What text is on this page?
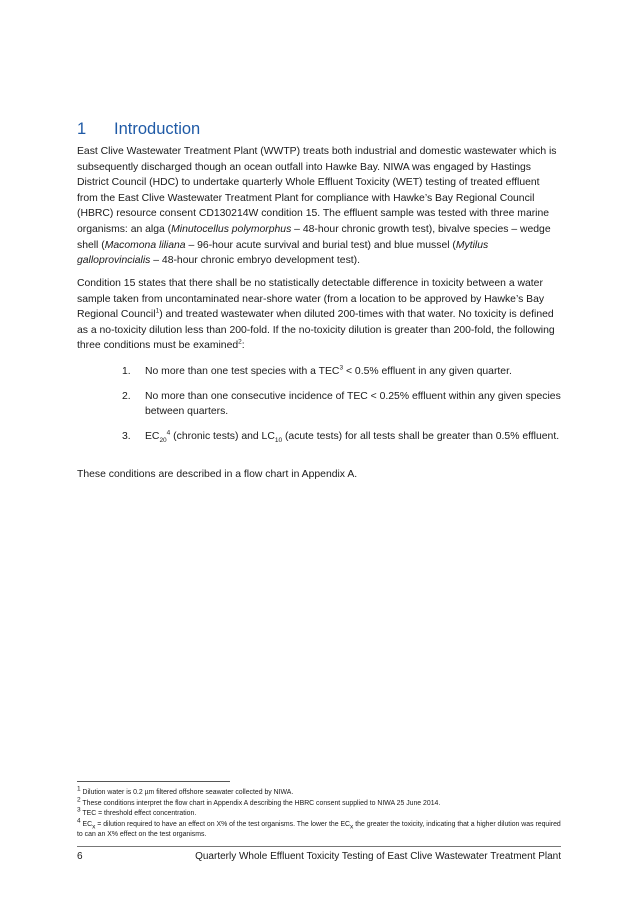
1 Introduction

East Clive Wastewater Treatment Plant (WWTP) treats both industrial and domestic wastewater which is subsequently discharged though an ocean outfall into Hawke Bay. NIWA was engaged by Hastings District Council (HDC) to undertake quarterly Whole Effluent Toxicity (WET) testing of treated effluent from the East Clive Wastewater Treatment Plant for compliance with Hawke’s Bay Regional Council (HBRC) resource consent CD130214W condition 15. The effluent sample was tested with three marine organisms: an alga (Minutocellus polymorphus – 48-hour chronic growth test), bivalve species – wedge shell (Macomona liliana – 96-hour acute survival and burial test) and blue mussel (Mytilus galloprovincialis – 48-hour chronic embryo development test).

Condition 15 states that there shall be no statistically detectable difference in toxicity between a water sample taken from uncontaminated near-shore water (from a location to be approved by Hawke’s Bay Regional Council$^1$) and treated wastewater when diluted 200-times with that water. No toxicity is defined as a no-toxicity dilution less than 200-fold. If the no-toxicity dilution is greater than 200-fold, the following three conditions must be examined$^2$:

1. No more than one test species with a $TEC^3 < 0.5\%$ effluent in any given quarter.
2. No more than one consecutive incidence of TEC < 0.25% effluent within any given species between quarters.
3. $EC_{20}^4$ (chronic tests) and $LC_{10}$ (acute tests) for all tests shall be greater than 0.5% effluent.

These conditions are described in a flow chart in Appendix A.

$^1$ Dilution water is 0.2 µm filtered offshore seawater collected by NIWA.

$^2$ These conditions interpret the flow chart in Appendix A describing the HBRC consent supplied to NIWA 25 June 2014.

$^3$ TEC = threshold effect concentration.

$^4$ $EC_x$ = dilution required to have an effect on X% of the test organisms. The lower the $EC_x$ the greater the toxicity, indicating that a higher dilution was required to can an X% effect on the test organisms.

6	Quarterly Whole Effluent Toxicity Testing of East Clive Wastewater Treatment Plant
